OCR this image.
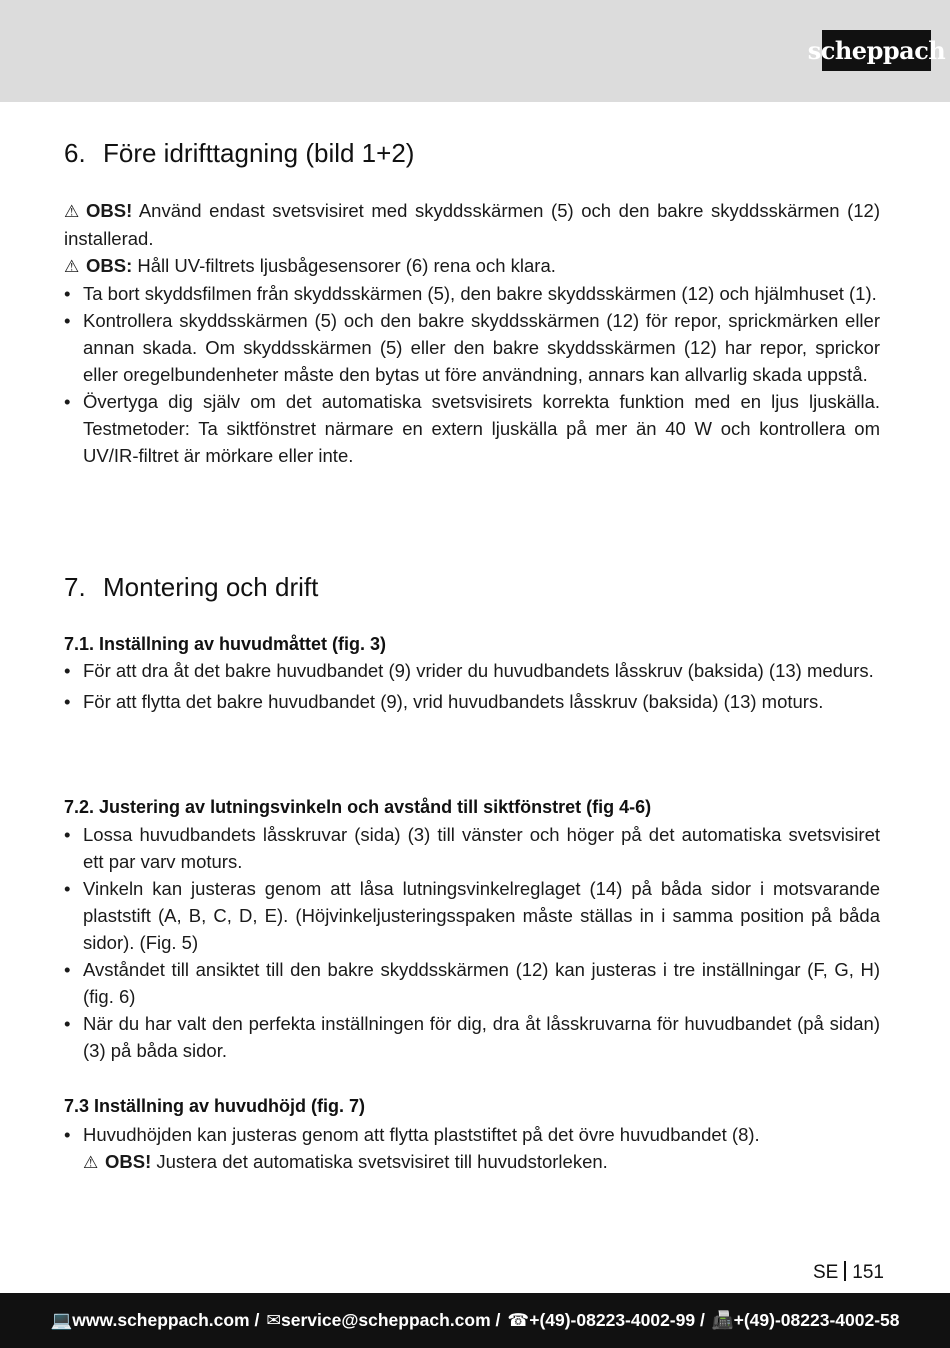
scheppach
6. Före idrifttagning (bild 1+2)

⚠ OBS! Använd endast svetsvisiret med skyddsskärmen (5) och den bakre skyddsskärmen (12) installerad.

⚠ OBS: Håll UV-filtrets ljusbågesensorer (6) rena och klara.

• Ta bort skyddsfilmen från skyddsskärmen (5), den bakre skyddsskärmen (12) och hjälmhuset (1).
• Kontrollera skyddsskärmen (5) och den bakre skyddsskärmen (12) för repor, sprickmärken eller annan skada. Om skyddsskärmen (5) eller den bakre skyddsskärmen (12) har repor, sprickor eller oregelbundenheter måste den bytas ut före användning, annars kan allvarlig skada uppstå.
• Övertyga dig själv om det automatiska svetsvisirets korrekta funktion med en ljus ljuskälla. Testmetoder: Ta siktfönstret närmare en extern ljuskälla på mer än 40 W och kontrollera om UV/IR-filtret är mörkare eller inte.
7. Montering och drift
7.1. Inställning av huvudmåttet (fig. 3)
• För att dra åt det bakre huvudbandet (9) vrider du huvudbandets låsskruv (baksida) (13) medurs.
• För att flytta det bakre huvudbandet (9), vrid huvudbandets låsskruv (baksida) (13) moturs.
7.2. Justering av lutningsvinkeln och avstånd till siktfönstret (fig 4-6)
• Lossa huvudbandets låsskruvar (sida) (3) till vänster och höger på det automatiska svetsvisiret ett par varv moturs.
• Vinkeln kan justeras genom att låsa lutningsvinkelreglaget (14) på båda sidor i motsvarande plaststift (A, B, C, D, E). (Höjvinkeljusteringsspaken måste ställas in i samma position på båda sidor). (Fig. 5)
• Avståndet till ansiktet till den bakre skyddsskärmen (12) kan justeras i tre inställningar (F, G, H) (fig. 6)
• När du har valt den perfekta inställningen för dig, dra åt låsskruvarna för huvudbandet (på sidan) (3) på båda sidor.
7.3 Inställning av huvudhöjd (fig. 7)
• Huvudhöjden kan justeras genom att flytta plaststiftet på det övre huvudbandet (8).
⚠ OBS! Justera det automatiska svetsvisiret till huvudstorleken.
SE 151
💻 www.scheppach.com / ✉ service@scheppach.com / ☎ +(49)-08223-4002-99 / 📠 +(49)-08223-4002-58
